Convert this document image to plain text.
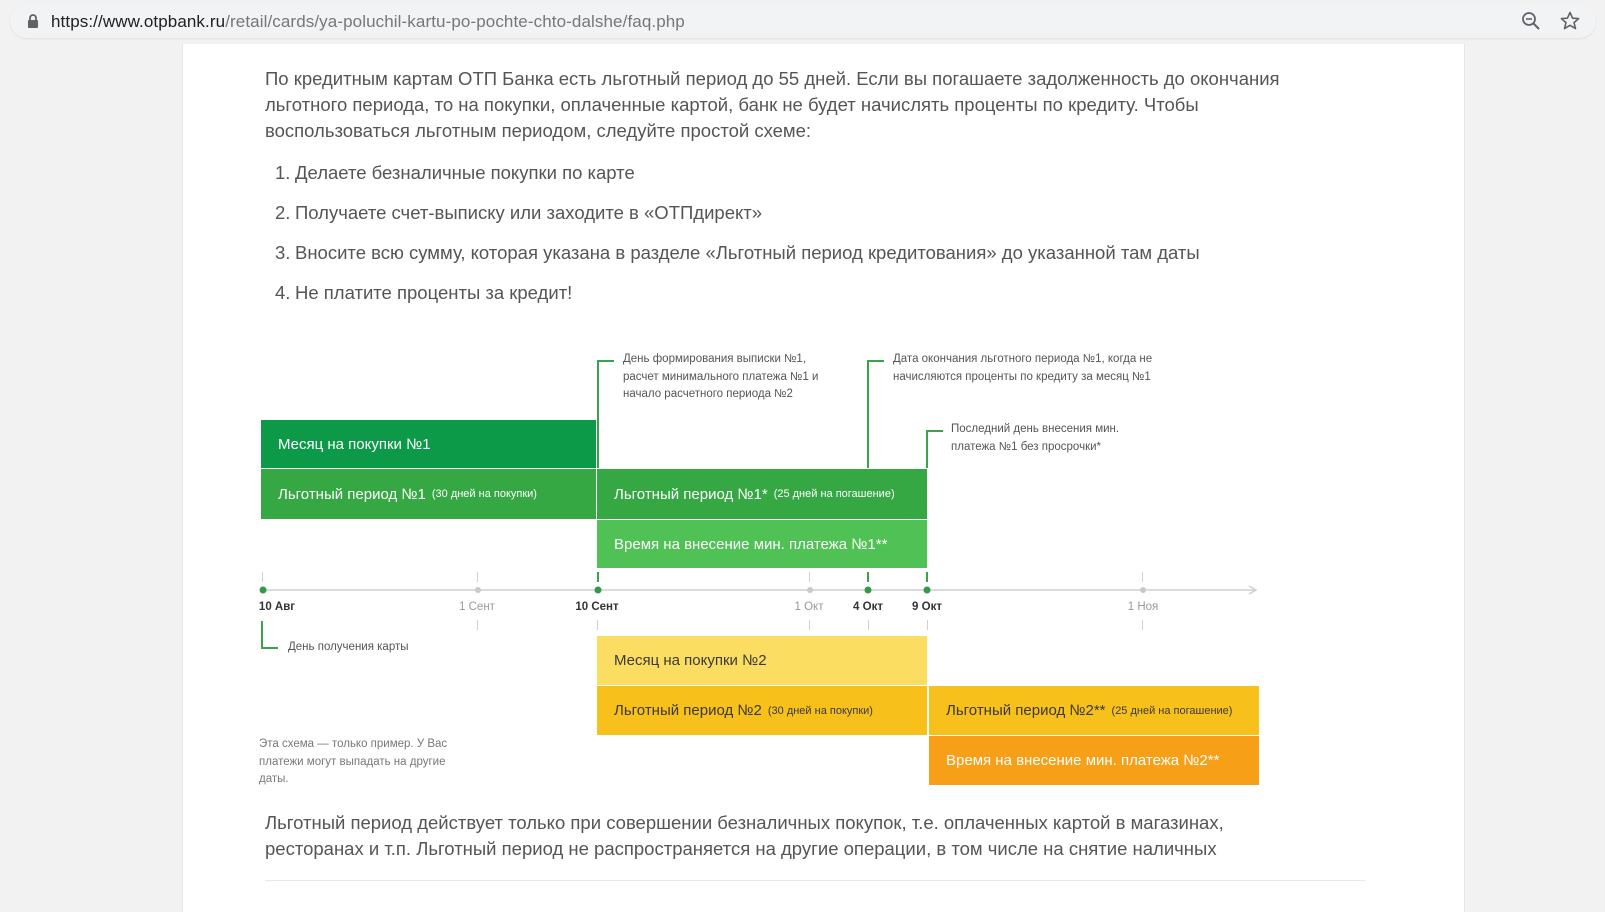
https://www.otpbank.ru/retail/cards/ya-poluchil-kartu-po-pochte-chto-dalshe/faq.php

По кредитным картам ОТП Банка есть льготный период до 55 дней. Если вы погашаете задолженность до окончания льготного периода, то на покупки, оплаченные картой, банк не будет начислять проценты по кредиту. Чтобы воспользоваться льготным периодом, следуйте простой схеме:

1. Делаете безналичные покупки по карте
2. Получаете счет-выписку или заходите в «ОТПдирект»
3. Вносите всю сумму, которая указана в разделе «Льготный период кредитования» до указанной там даты
4. Не платите проценты за кредит!
День формирования выписки №1, расчет минимального платежа №1 и начало расчетного периода №2
Дата окончания льготного периода №1, когда не начисляются проценты по кредиту за месяц №1
Последний день внесения мин. платежа №1 без просрочки*
Месяц на покупки №1
Льготный период №1 (30 дней на покупки)	Льготный период №1* (25 дней на погашение)
Время на внесение мин. платежа №1**
10 Авг	1 Сент	10 Сент	1 Окт	4 Окт	9 Окт	1 Ноя
День получения карты
Месяц на покупки №2
Льготный период №2 (30 дней на покупки)	Льготный период №2** (25 дней на погашение)
Время на внесение мин. платежа №2**
Эта схема — только пример. У Вас платежи могут выпадать на другие даты.

Льготный период действует только при совершении безналичных покупок, т.е. оплаченных картой в магазинах, ресторанах и т.п. Льготный период не распространяется на другие операции, в том числе на снятие наличных
